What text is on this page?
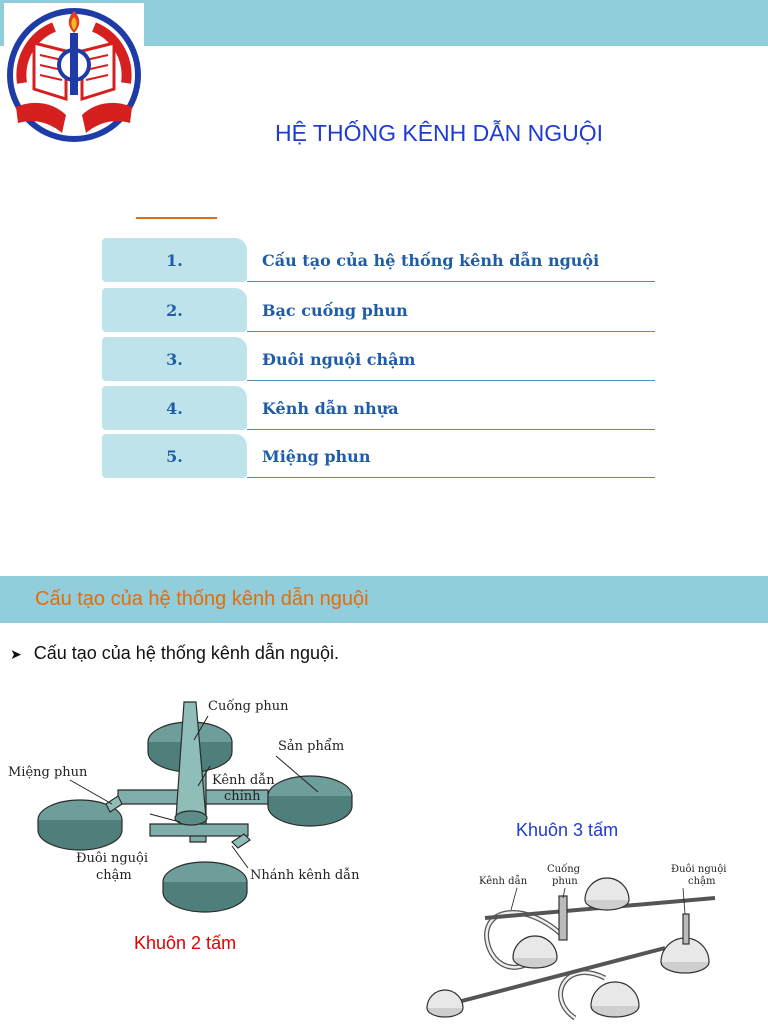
HỆ THỐNG KÊNH DẪN NGUỘI
1.	Cấu tạo của hệ thống kênh dẫn nguội
2.	Bạc cuống phun
3.	Đuôi nguội chậm
4.	Kênh dẫn nhựa
5.	Miệng phun
Cấu tạo của hệ thống kênh dẫn nguội
➤ Cấu tạo của hệ thống kênh dẫn nguội.
Cuống phun
Sản phẩm
Miệng phun
Kênh dẫn
chính
Đuôi nguội
chậm	Nhánh kênh dẫn
Khuôn 2 tấm
Khuôn 3 tấm
Kênh dẫn
Cuống
phun
Đuôi nguội
chậm
